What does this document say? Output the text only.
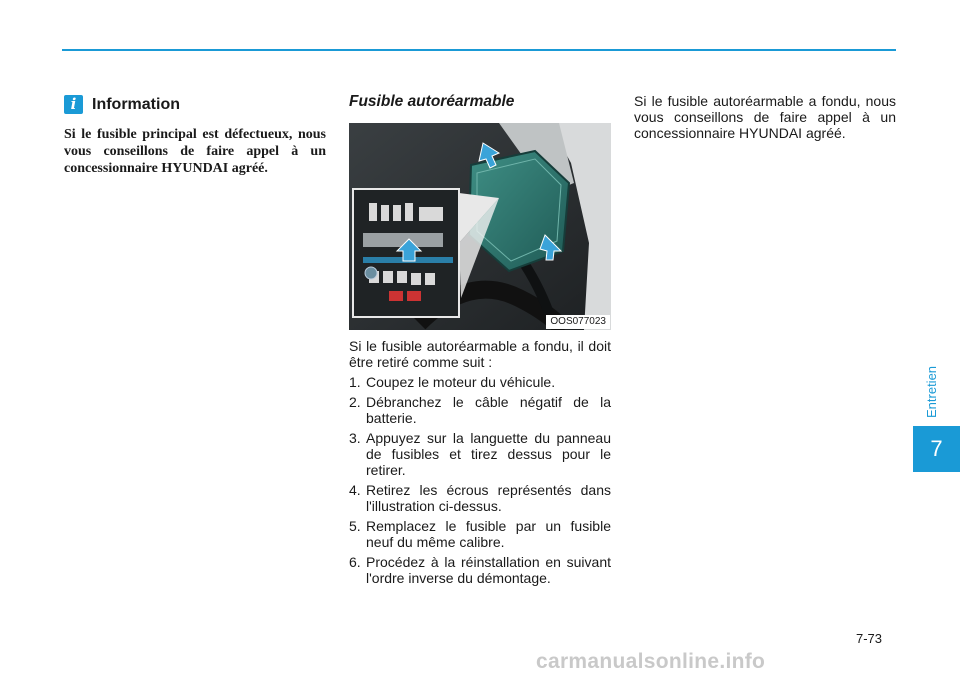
i Information

Si le fusible principal est défectueux, nous vous conseillons de faire appel à un concessionnaire HYUNDAI agréé.

Fusible autoréarmable
OOS077023

Si le fusible autoréarmable a fondu, il doit être retiré comme suit :

1. Coupez le moteur du véhicule.
2. Débranchez le câble négatif de la batterie.
3. Appuyez sur la languette du panneau de fusibles et tirez dessus pour le retirer.
4. Retirez les écrous représentés dans l'illustration ci-dessus.
5. Remplacez le fusible par un fusible neuf du même calibre.
6. Procédez à la réinstallation en suivant l'ordre inverse du démontage.

Si le fusible autoréarmable a fondu, nous vous conseillons de faire appel à un concessionnaire HYUNDAI agréé.

Entretien
7
7-73
carmanualsonline.info
